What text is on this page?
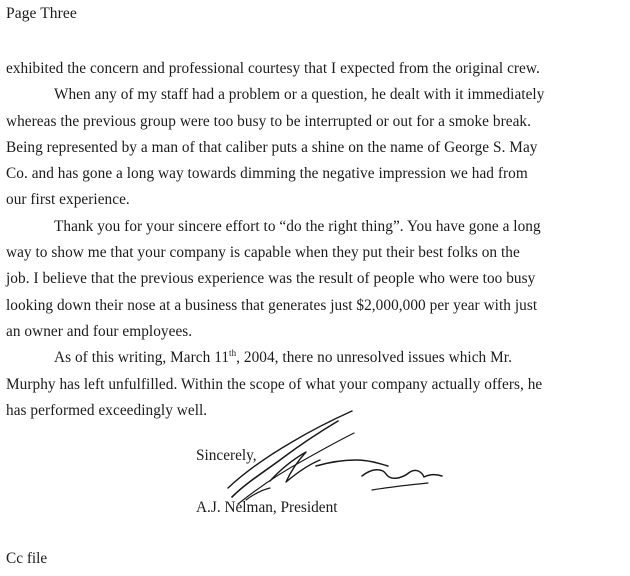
Page Three
exhibited the concern and professional courtesy that I expected from the original crew.
When any of my staff had a problem or a question, he dealt with it immediately
whereas the previous group were too busy to be interrupted or out for a smoke break.
Being represented by a man of that caliber puts a shine on the name of George S. May
Co. and has gone a long way towards dimming the negative impression we had from
our first experience.
Thank you for your sincere effort to “do the right thing”. You have gone a long
way to show me that your company is capable when they put their best folks on the
job. I believe that the previous experience was the result of people who were too busy
looking down their nose at a business that generates just $2,000,000 per year with just
an owner and four employees.
As of this writing, March 11th, 2004, there no unresolved issues which Mr.
Murphy has left unfulfilled. Within the scope of what your company actually offers, he
has performed exceedingly well.
Sincerely,
A.J. Nelman, President
Cc file
